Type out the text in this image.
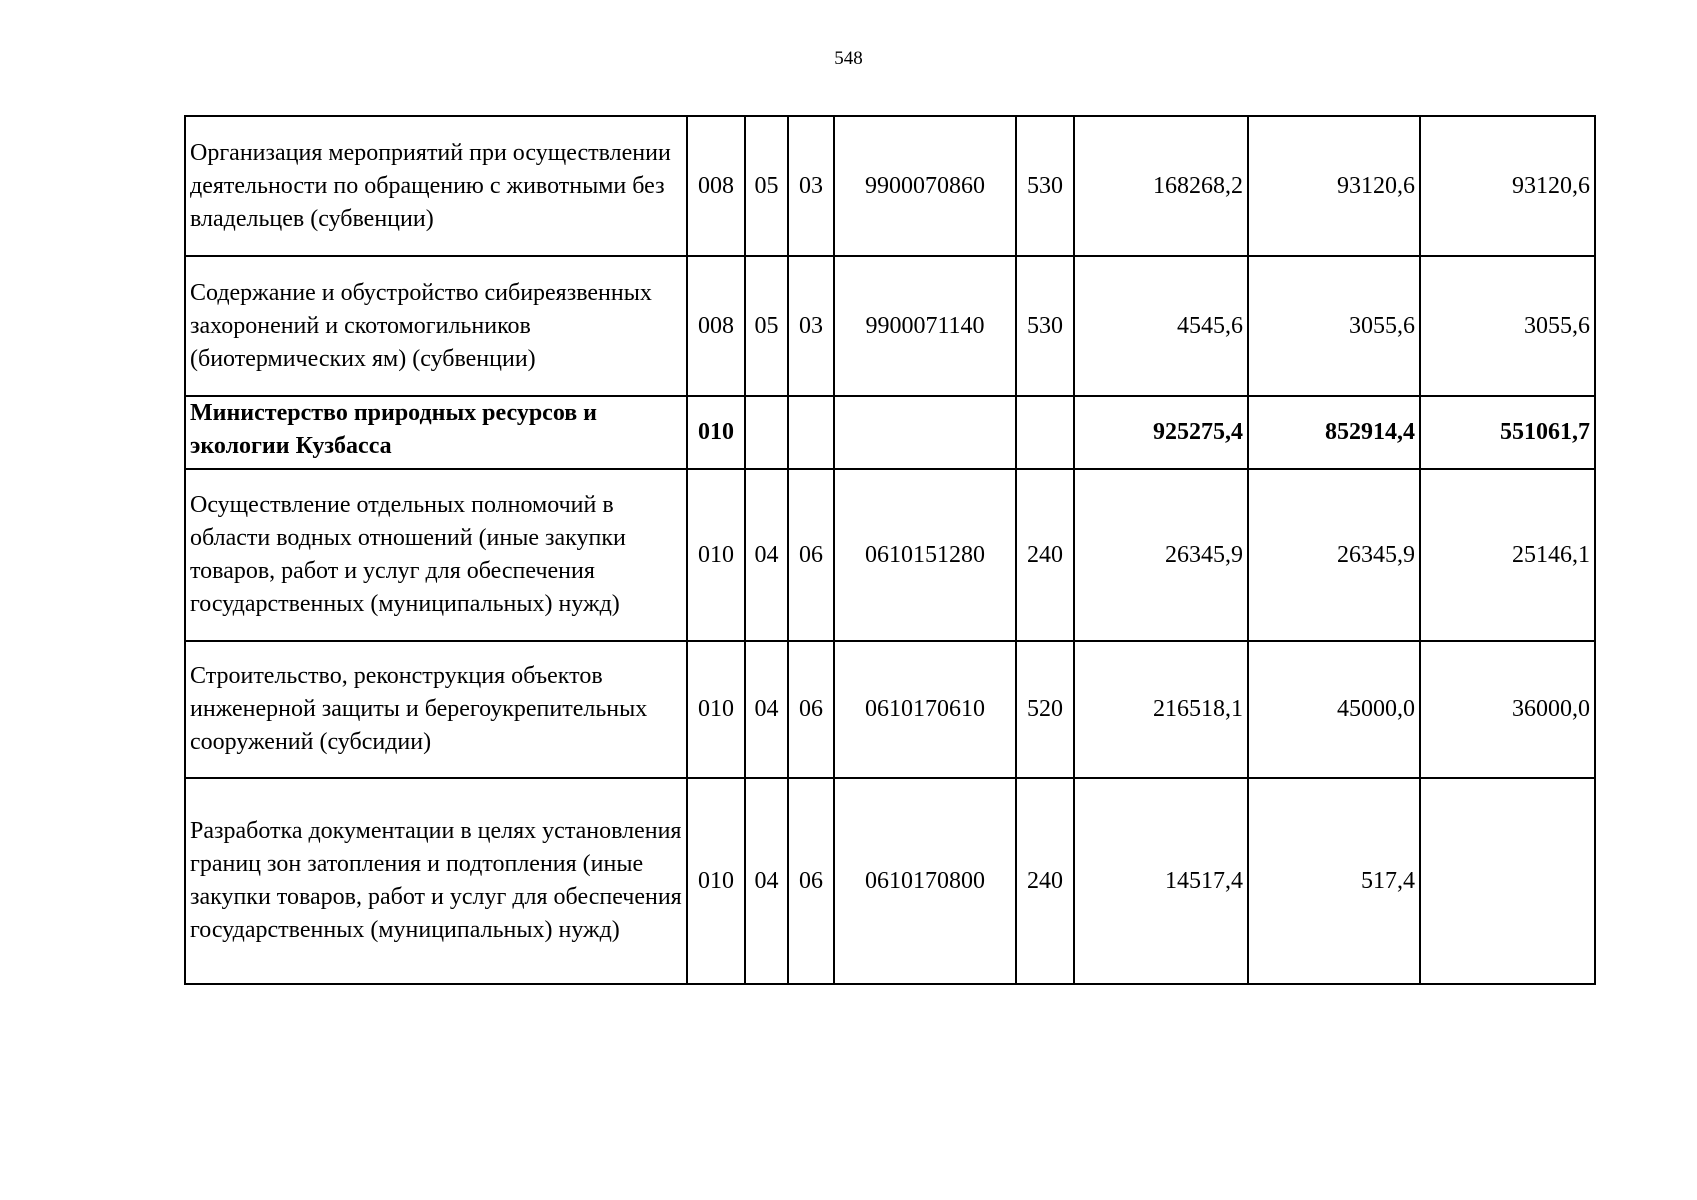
548
Организация мероприятий при осуществлении деятельности по обращению с животными без владельцев (субвенции)	008	05	03	9900070860	530	168268,2	93120,6	93120,6
Содержание и обустройство сибиреязвенных захоронений и скотомогильников (биотермических ям) (субвенции)	008	05	03	9900071140	530	4545,6	3055,6	3055,6
Министерство природных ресурсов и экологии Кузбасса	010					925275,4	852914,4	551061,7
Осуществление отдельных полномочий в области водных отношений (иные закупки товаров, работ и услуг для обеспечения государственных (муниципальных) нужд)	010	04	06	0610151280	240	26345,9	26345,9	25146,1
Строительство, реконструкция объектов инженерной защиты и берегоукрепительных сооружений (субсидии)	010	04	06	0610170610	520	216518,1	45000,0	36000,0
Разработка документации в целях установления границ зон затопления и подтопления (иные закупки товаров, работ и услуг для обеспечения государственных (муниципальных) нужд)	010	04	06	0610170800	240	14517,4	517,4	
